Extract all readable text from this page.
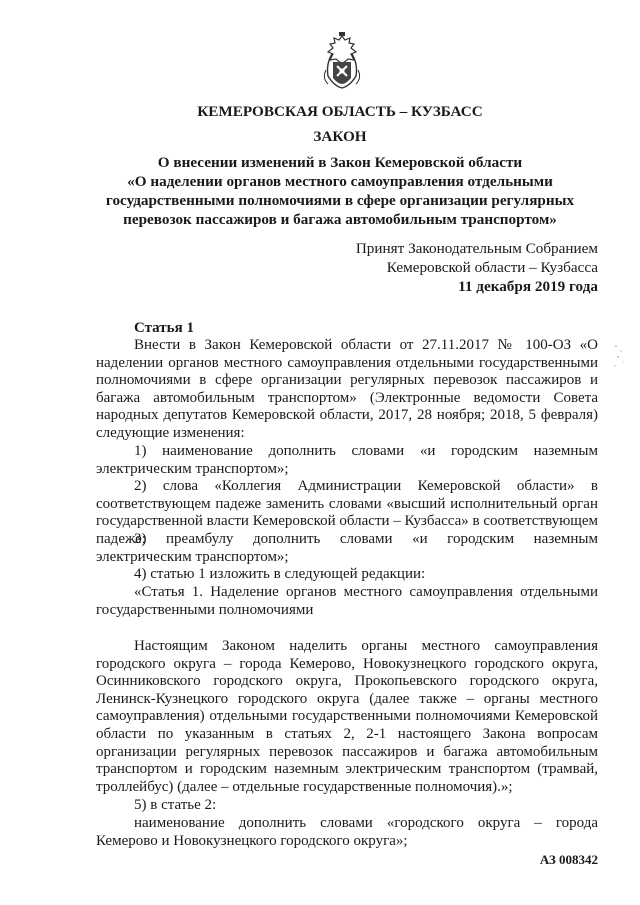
КЕМЕРОВСКАЯ ОБЛАСТЬ – КУЗБАСС

ЗАКОН

О внесении изменений в Закон Кемеровской области

«О наделении органов местного самоуправления отдельными

государственными полномочиями в сфере организации регулярных

перевозок пассажиров и багажа автомобильным транспортом»

Принят Законодательным Собранием

Кемеровской области – Кузбасса

11 декабря 2019 года

Статья 1

Внести в Закон Кемеровской области от 27.11.2017 № 100-ОЗ «О наделении органов местного самоуправления отдельными государственными полномочиями в сфере организации регулярных перевозок пассажиров и багажа автомобильным транспортом» (Электронные ведомости Совета народных депутатов Кемеровской области, 2017, 28 ноября; 2018, 5 февраля) следующие изменения:

1) наименование дополнить словами «и городским наземным электрическим транспортом»;

2) слова «Коллегия Администрации Кемеровской области» в соответствующем падеже заменить словами «высший исполнительный орган государственной власти Кемеровской области – Кузбасса» в соответствующем падеже;

3) преамбулу дополнить словами «и городским наземным электрическим транспортом»;

4) статью 1 изложить в следующей редакции:

«Статья 1. Наделение органов местного самоуправления отдельными государственными полномочиями

Настоящим Законом наделить органы местного самоуправления городского округа – города Кемерово, Новокузнецкого городского округа, Осинниковского городского округа, Прокопьевского городского округа, Ленинск-Кузнецкого городского округа (далее также – органы местного самоуправления) отдельными государственными полномочиями Кемеровской области по указанным в статьях 2, 2-1 настоящего Закона вопросам организации регулярных перевозок пассажиров и багажа автомобильным транспортом и городским наземным электрическим транспортом (трамвай, троллейбус) (далее – отдельные государственные полномочия).»;

5) в статье 2:

наименование дополнить словами «городского округа – города Кемерово и Новокузнецкого городского округа»;

АЗ 008342
